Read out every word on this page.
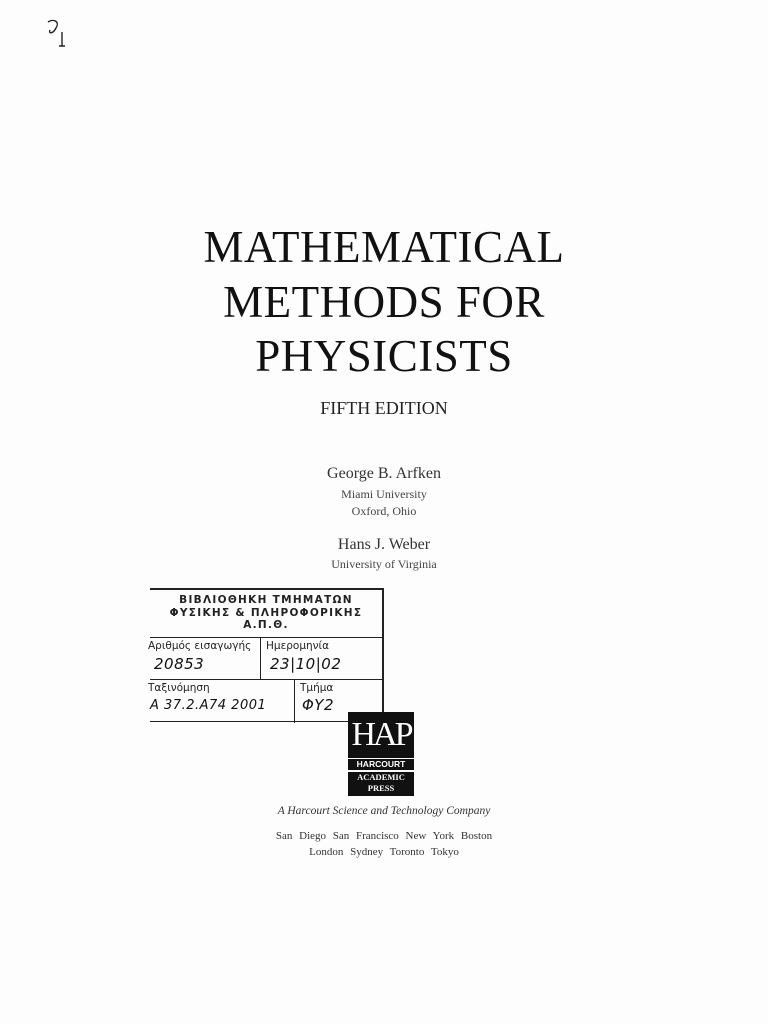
MATHEMATICAL
METHODS FOR
PHYSICISTS
FIFTH EDITION
George B. Arfken
Miami University
Oxford, Ohio
Hans J. Weber
University of Virginia
ΒΙΒΛΙΟΘΗΚΗ ΤΜΗΜΑΤΩΝ
ΦΥΣΙΚΗΣ & ΠΛΗΡΟΦΟΡΙΚΗΣ
Α.Π.Θ.
Αριθμός εισαγωγής
20853
Ημερομηνία
23|10|02
Ταξινόμηση
Α 37.2.Α74 2001
Τμήμα
ΦΥ2
HAP
HARCOURT
ACADEMIC
PRESS
A Harcourt Science and Technology Company
San Diego San Francisco New York Boston
London Sydney Toronto Tokyo
